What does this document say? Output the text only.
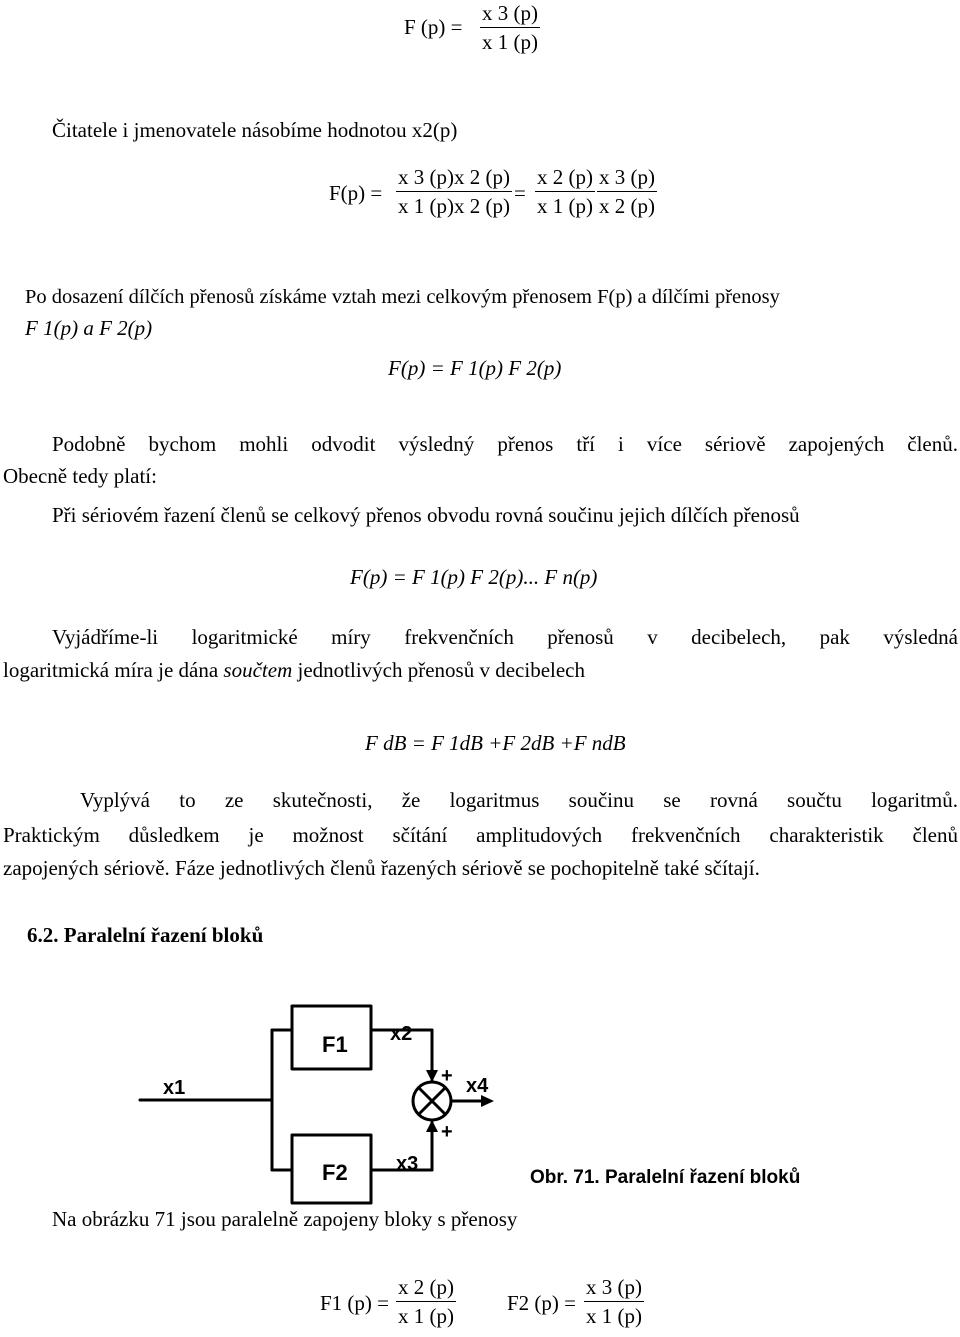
F (p) =
x 3 (p)
x 1 (p)
Čitatele i jmenovatele násobíme hodnotou x2(p)
F(p) =
x 3 (p)x 2 (p)
x 1 (p)x 2 (p)
=
x 2 (p)
x 1 (p)
x 3 (p)
x 2 (p)
Po dosazení dílčích přenosů získáme vztah mezi celkovým přenosem F(p) a dílčími přenosy
F 1(p) a F 2(p)
F(p) = F 1(p) F 2(p)
Podobně bychom mohli odvodit výsledný přenos tří i více sériově zapojených členů.
Obecně tedy platí:
Při sériovém řazení členů se celkový přenos obvodu rovná součinu jejich dílčích přenosů
F(p) = F 1(p) F 2(p)... F n(p)
Vyjádříme-li logaritmické míry frekvenčních přenosů v decibelech, pak výsledná
logaritmická míra je dána součtem jednotlivých přenosů v decibelech
F dB = F 1dB +F 2dB +F ndB
Vyplývá to ze skutečnosti, že logaritmus součinu se rovná součtu logaritmů.
Praktickým důsledkem je možnost sčítání amplitudových frekvenčních charakteristik členů
zapojených sériově. Fáze jednotlivých členů řazených sériově se pochopitelně také sčítají.
6.2. Paralelní řazení bloků
x1
F1
F2
x2
x3
x4
+
+
Obr. 71. Paralelní řazení bloků
Na obrázku 71 jsou paralelně zapojeny bloky s přenosy
F1 (p) =
x 2 (p)
x 1 (p)
F2 (p) =
x 3 (p)
x 1 (p)
